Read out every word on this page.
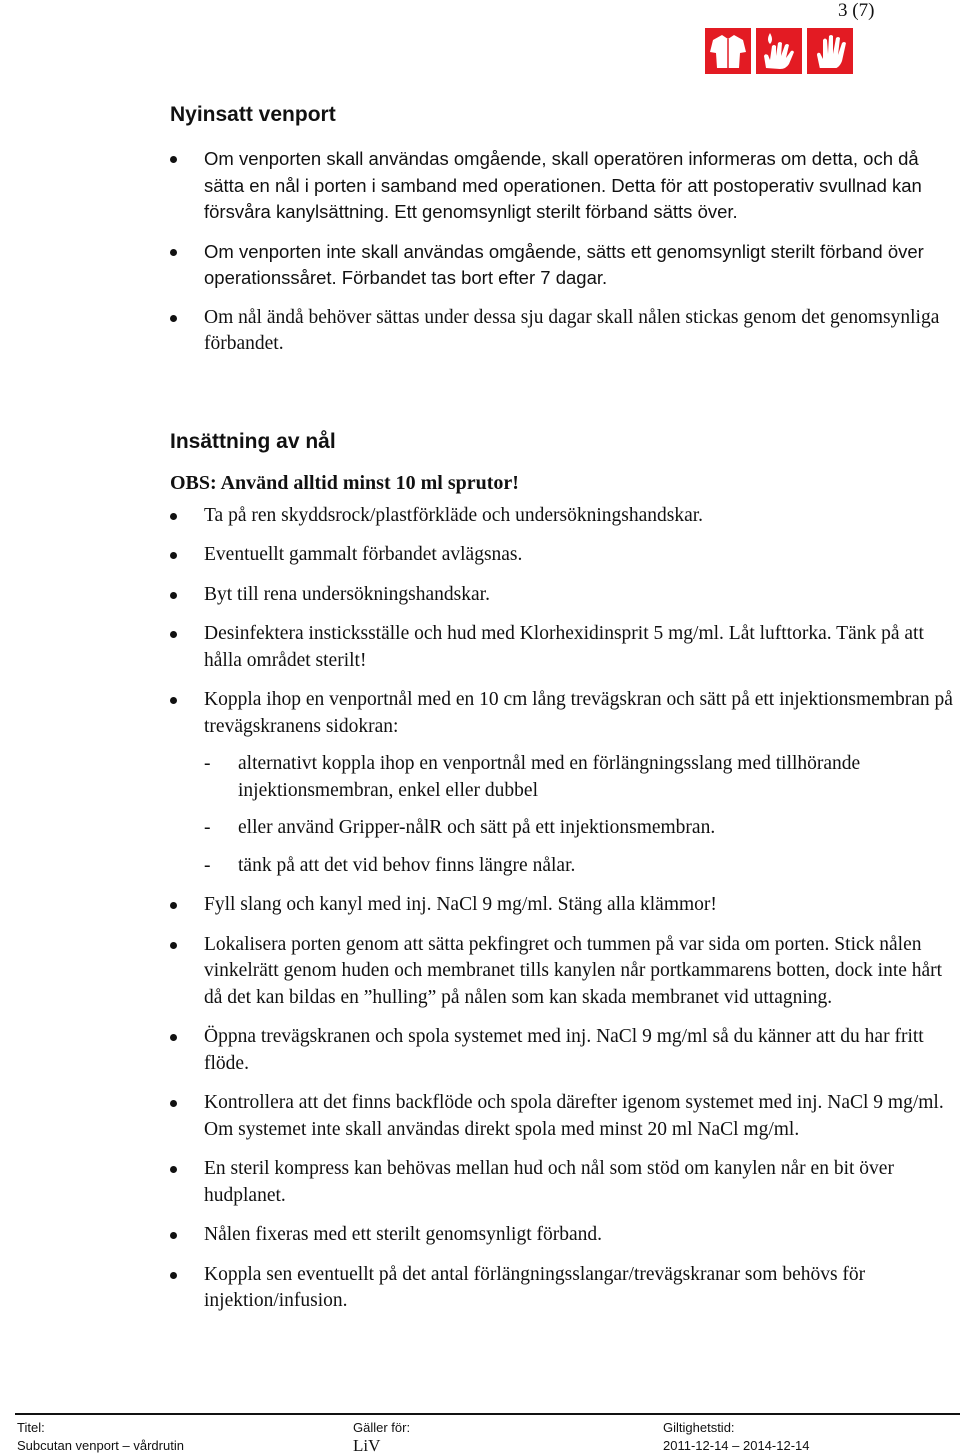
3 (7)
Nyinsatt venport
Om venporten skall användas omgående, skall operatören informeras om detta, och då sätta en nål i porten i samband med operationen. Detta för att postoperativ svullnad kan försvåra kanylsättning. Ett genomsynligt sterilt förband sätts över.
Om venporten inte skall användas omgående, sätts ett genomsynligt sterilt förband över operationssåret. Förbandet tas bort efter 7 dagar.
Om nål ändå behöver sättas under dessa sju dagar skall nålen stickas genom det genomsynliga förbandet.
Insättning av nål
OBS: Använd alltid minst 10 ml sprutor!
Ta på ren skyddsrock/plastförkläde och undersökningshandskar.
Eventuellt gammalt förbandet avlägsnas.
Byt till rena undersökningshandskar.
Desinfektera insticksställe och hud med Klorhexidinsprit 5 mg/ml. Låt lufttorka. Tänk på att hålla området sterilt!
Koppla ihop en venportnål med en 10 cm lång trevägskran och sätt på ett injektionsmembran på trevägskranens sidokran:
- alternativt koppla ihop en venportnål med en förlängningsslang med tillhörande injektionsmembran, enkel eller dubbel
- eller använd Gripper-nålR och sätt på ett injektionsmembran.
- tänk på att det vid behov finns längre nålar.
Fyll slang och kanyl med inj. NaCl 9 mg/ml. Stäng alla klämmor!
Lokalisera porten genom att sätta pekfingret och tummen på var sida om porten. Stick nålen vinkelrätt genom huden och membranet tills kanylen når portkammarens botten, dock inte hårt då det kan bildas en ”hulling” på nålen som kan skada membranet vid uttagning.
Öppna trevägskranen och spola systemet med inj. NaCl 9 mg/ml så du känner att du har fritt flöde.
Kontrollera att det finns backflöde och spola därefter igenom systemet med inj. NaCl 9 mg/ml. Om systemet inte skall användas direkt spola med minst 20 ml NaCl mg/ml.
En steril kompress kan behövas mellan hud och nål som stöd om kanylen når en bit över hudplanet.
Nålen fixeras med ett sterilt genomsynligt förband.
Koppla sen eventuellt på det antal förlängningsslangar/trevägskranar som behövs för injektion/infusion.
Titel:
Subcutan venport – vårdrutin
Gäller för:
LiV
Giltighetstid:
2011-12-14 – 2014-12-14
